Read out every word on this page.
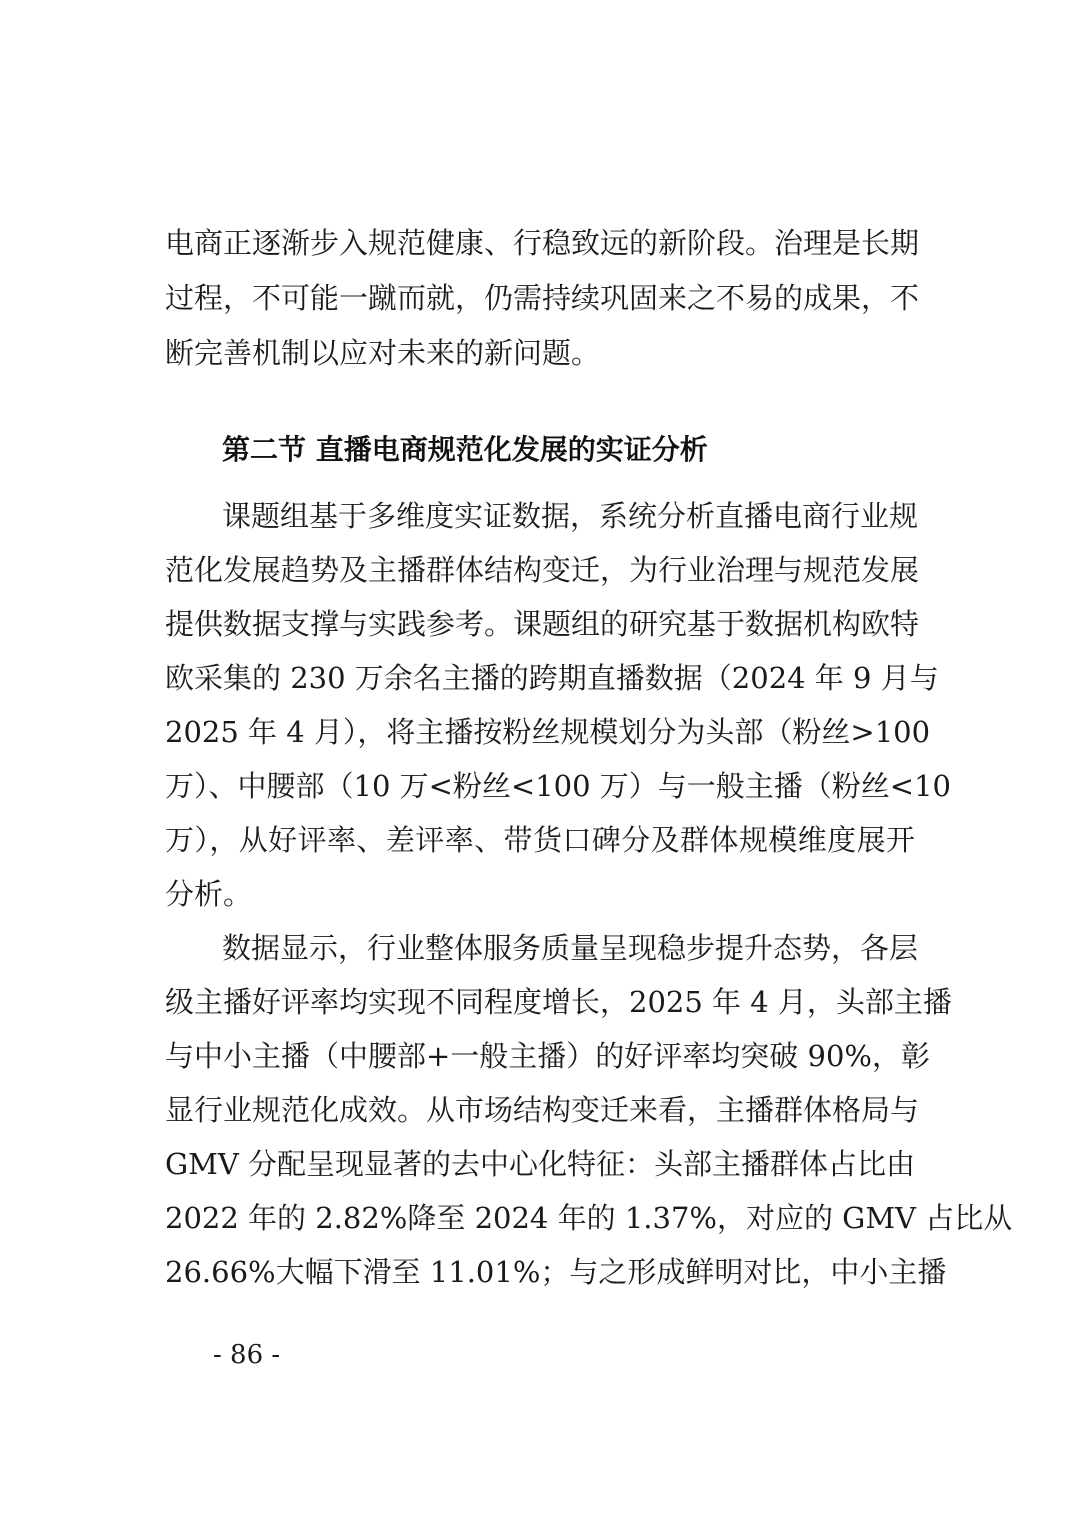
电商正逐渐步入规范健康、行稳致远的新阶段。治理是长期
过程，不可能一蹴而就，仍需持续巩固来之不易的成果，不
断完善机制以应对未来的新问题。
第二节 直播电商规范化发展的实证分析
课题组基于多维度实证数据，系统分析直播电商行业规
范化发展趋势及主播群体结构变迁，为行业治理与规范发展
提供数据支撑与实践参考。课题组的研究基于数据机构欧特
欧采集的 230 万余名主播的跨期直播数据（2024 年 9 月与
2025 年 4 月），将主播按粉丝规模划分为头部（粉丝>100
万）、中腰部（10 万<粉丝<100 万）与一般主播（粉丝<10
万），从好评率、差评率、带货口碑分及群体规模维度展开
分析。
数据显示，行业整体服务质量呈现稳步提升态势，各层
级主播好评率均实现不同程度增长，2025 年 4 月，头部主播
与中小主播（中腰部+一般主播）的好评率均突破 90%，彰
显行业规范化成效。从市场结构变迁来看，主播群体格局与
GMV 分配呈现显著的去中心化特征：头部主播群体占比由
2022 年的 2.82%降至 2024 年的 1.37%，对应的 GMV 占比从
26.66%大幅下滑至 11.01%；与之形成鲜明对比，中小主播
- 86 -
